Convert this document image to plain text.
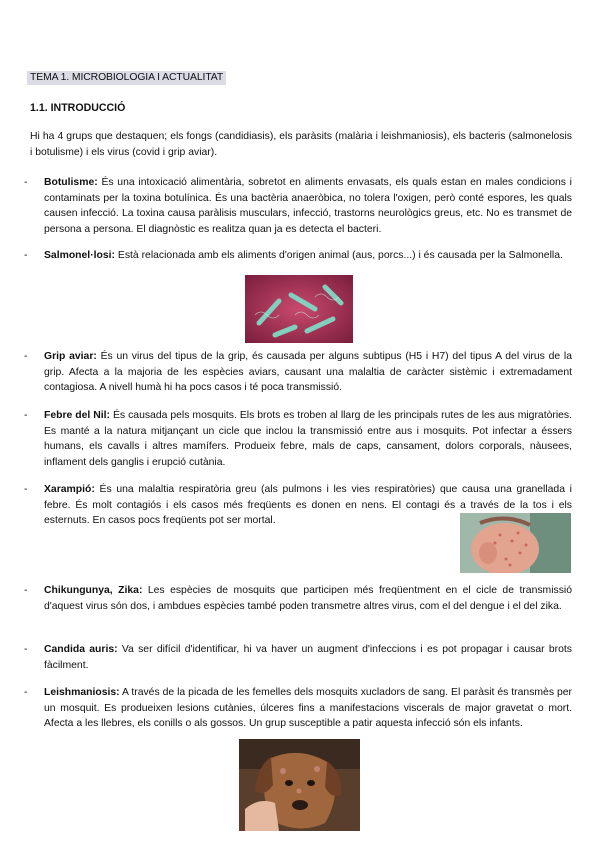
TEMA 1. MICROBIOLOGIA I ACTUALITAT
1.1. INTRODUCCIÓ
Hi ha 4 grups que destaquen; els fongs (candidiasis), els paràsits (malària i leishmaniosis), els bacteris (salmonelosis i botulisme) i els virus (covid i grip aviar).
- Botulisme: És una intoxicació alimentària, sobretot en aliments envasats, els quals estan en males condicions i contaminats per la toxina botulínica. És una bactèria anaeròbica, no tolera l'oxigen, però conté espores, les quals causen infecció. La toxina causa paràlisis musculars, infecció, trastorns neurològics greus, etc. No es transmet de persona a persona. El diagnòstic es realitza quan ja es detecta el bacteri.
- Salmonel·losi: Està relacionada amb els aliments d'origen animal (aus, porcs...) i és causada per la Salmonella.
- Grip aviar: És un virus del tipus de la grip, és causada per alguns subtipus (H5 i H7) del tipus A del virus de la grip. Afecta a la majoria de les espècies aviars, causant una malaltia de caràcter sistèmic i extremadament contagiosa. A nivell humà hi ha pocs casos i té poca transmissió.
- Febre del Nil: És causada pels mosquits. Els brots es troben al llarg de les principals rutes de les aus migratòries. Es manté a la natura mitjançant un cicle que inclou la transmissió entre aus i mosquits. Pot infectar a éssers humans, els cavalls i altres mamífers. Produeix febre, mals de caps, cansament, dolors corporals, nàusees, inflament dels ganglis i erupció cutània.
- Xarampió: És una malaltia respiratòria greu (als pulmons i les vies respiratòries) que causa una granellada i febre. És molt contagiós i els casos més freqüents es donen en nens. El contagi és a través de la tos i els esternuts. En casos pocs freqüents pot ser mortal.
- Chikungunya, Zika: Les espècies de mosquits que participen més freqüentment en el cicle de transmissió d'aquest virus són dos, i ambdues espècies també poden transmetre altres virus, com el del dengue i el del zika.
- Candida auris: Va ser difícil d'identificar, hi va haver un augment d'infeccions i es pot propagar i causar brots fàcilment.
- Leishmaniosis: A través de la picada de les femelles dels mosquits xucladors de sang. El paràsit és transmès per un mosquit. Es produeixen lesions cutànies, úlceres fins a manifestacions viscerals de major gravetat o mort. Afecta a les llebres, els conills o als gossos. Un grup susceptible a patir aquesta infecció són els infants.
